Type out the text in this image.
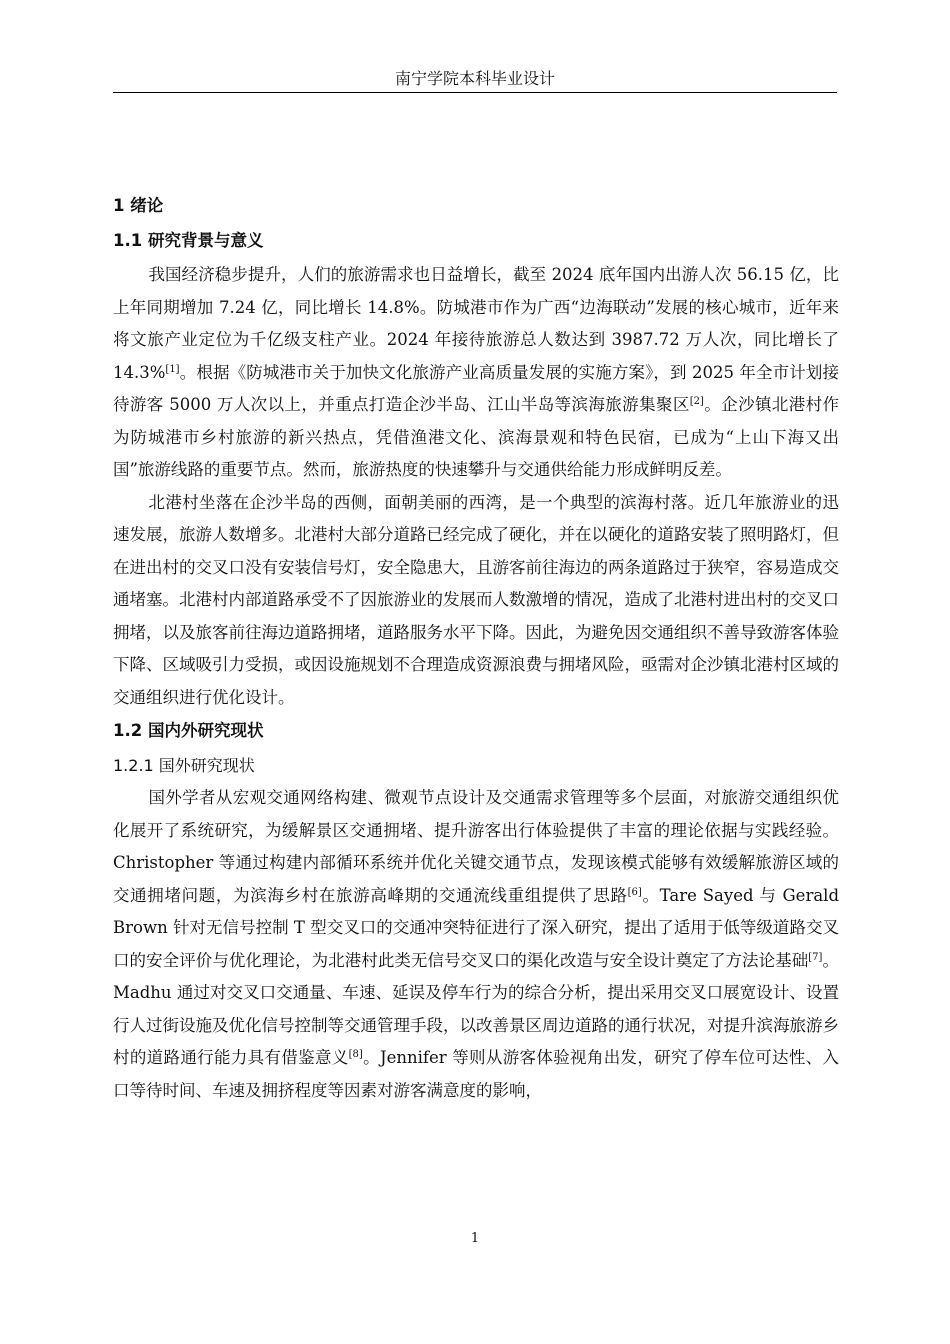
南宁学院本科毕业设计
1 绪论
1.1 研究背景与意义

我国经济稳步提升，人们的旅游需求也日益增长，截至 2024 底年国内出游人次 56.15 亿，比上年同期增加 7.24 亿，同比增长 14.8%。防城港市作为广西“边海联动”发展的核心城市，近年来将文旅产业定位为千亿级支柱产业。2024 年接待旅游总人数达到 3987.72 万人次，同比增长了 14.3%[1]。根据《防城港市关于加快文化旅游产业高质量发展的实施方案》，到 2025 年全市计划接待游客 5000 万人次以上，并重点打造企沙半岛、江山半岛等滨海旅游集聚区[2]。企沙镇北港村作为防城港市乡村旅游的新兴热点，凭借渔港文化、滨海景观和特色民宿，已成为“上山下海又出国”旅游线路的重要节点。然而，旅游热度的快速攀升与交通供给能力形成鲜明反差。

北港村坐落在企沙半岛的西侧，面朝美丽的西湾，是一个典型的滨海村落。近几年旅游业的迅速发展，旅游人数增多。北港村大部分道路已经完成了硬化，并在以硬化的道路安装了照明路灯，但在进出村的交叉口没有安装信号灯，安全隐患大，且游客前往海边的两条道路过于狭窄，容易造成交通堵塞。北港村内部道路承受不了因旅游业的发展而人数激增的情况，造成了北港村进出村的交叉口拥堵，以及旅客前往海边道路拥堵，道路服务水平下降。因此，为避免因交通组织不善导致游客体验下降、区域吸引力受损，或因设施规划不合理造成资源浪费与拥堵风险，亟需对企沙镇北港村区域的交通组织进行优化设计。

1.2 国内外研究现状
1.2.1 国外研究现状

国外学者从宏观交通网络构建、微观节点设计及交通需求管理等多个层面，对旅游交通组织优化展开了系统研究，为缓解景区交通拥堵、提升游客出行体验提供了丰富的理论依据与实践经验。Christopher 等通过构建内部循环系统并优化关键交通节点，发现该模式能够有效缓解旅游区域的交通拥堵问题，为滨海乡村在旅游高峰期的交通流线重组提供了思路[6]。Tare Sayed 与 Gerald Brown 针对无信号控制 T 型交叉口的交通冲突特征进行了深入研究，提出了适用于低等级道路交叉口的安全评价与优化理论，为北港村此类无信号交叉口的渠化改造与安全设计奠定了方法论基础[7]。Madhu 通过对交叉口交通量、车速、延误及停车行为的综合分析，提出采用交叉口展宽设计、设置行人过街设施及优化信号控制等交通管理手段，以改善景区周边道路的通行状况，对提升滨海旅游乡村的道路通行能力具有借鉴意义[8]。Jennifer 等则从游客体验视角出发，研究了停车位可达性、入口等待时间、车速及拥挤程度等因素对游客满意度的影响，

1
